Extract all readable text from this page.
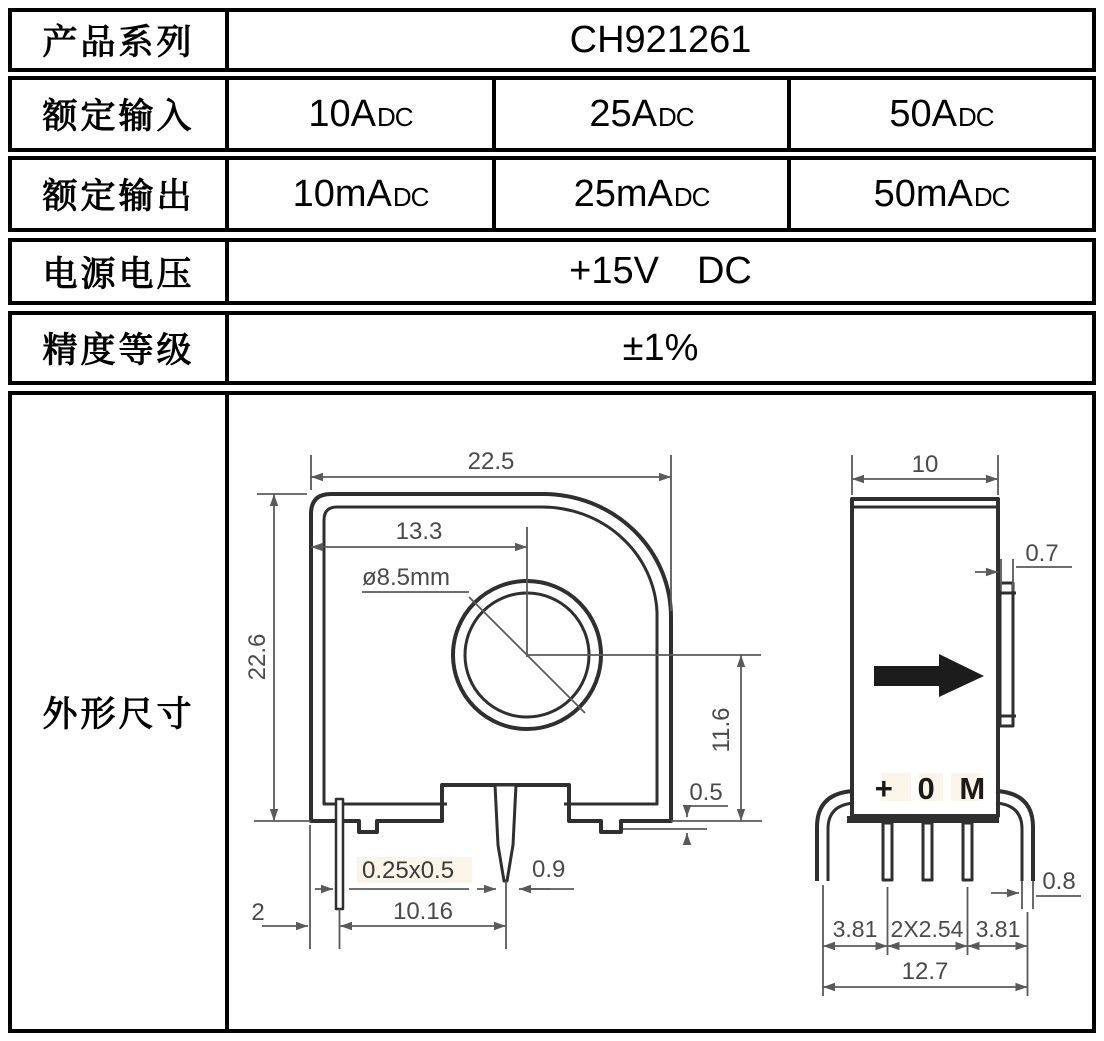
产品系列	CH921261
额定输入	10A DC	25A DC	50A DC
额定输出	10mA DC	25mA DC	50mA DC
电源电压	+15V DC
精度等级	±1%
外形尺寸
22.5
13.3
ø8.5mm
22.6
11.6
0.5
0.25x0.5	0.9
2	10.16
10
0.7
0.8
3.81 2X2.54 3.81
12.7
+ 0 M
